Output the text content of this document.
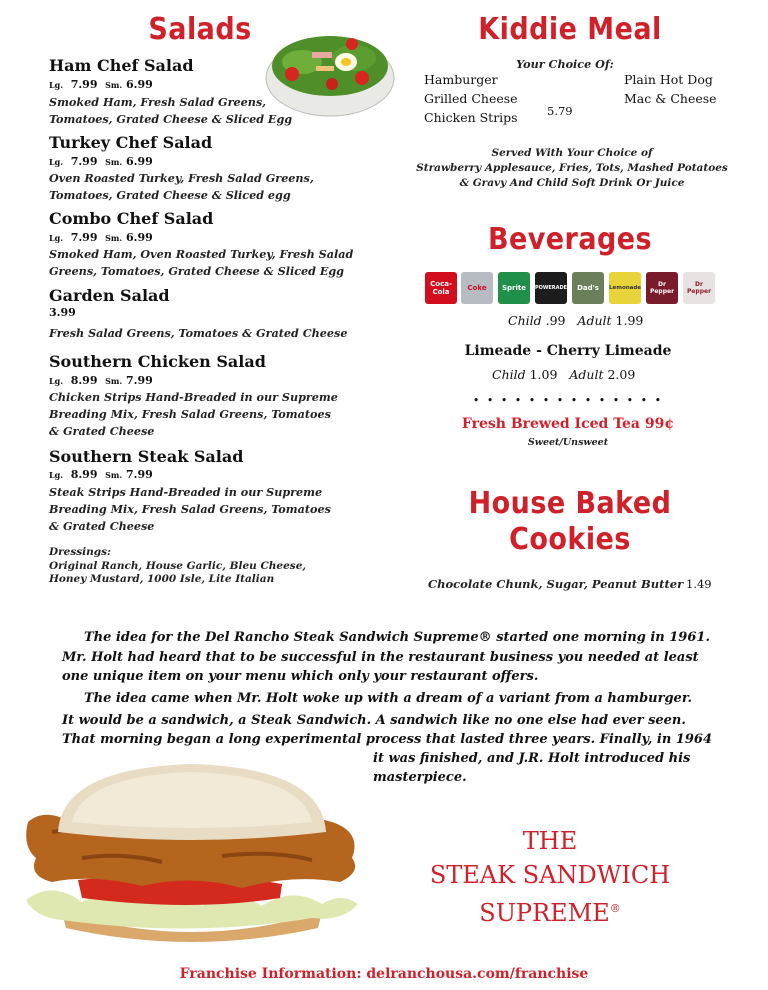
Salads
Ham Chef Salad
Lg. 7.99 Sm. 6.99
Smoked Ham, Fresh Salad Greens,
Tomatoes, Grated Cheese & Sliced Egg
Turkey Chef Salad
Lg. 7.99 Sm. 6.99
Oven Roasted Turkey, Fresh Salad Greens,
Tomatoes, Grated Cheese & Sliced egg
Combo Chef Salad
Lg. 7.99 Sm. 6.99
Smoked Ham, Oven Roasted Turkey, Fresh Salad
Greens, Tomatoes, Grated Cheese & Sliced Egg
Garden Salad
3.99
Fresh Salad Greens, Tomatoes & Grated Cheese
Southern Chicken Salad
Lg. 8.99 Sm. 7.99
Chicken Strips Hand-Breaded in our Supreme
Breading Mix, Fresh Salad Greens, Tomatoes
& Grated Cheese
Southern Steak Salad
Lg. 8.99 Sm. 7.99
Steak Strips Hand-Breaded in our Supreme
Breading Mix, Fresh Salad Greens, Tomatoes
& Grated Cheese
Dressings:
Original Ranch, House Garlic, Bleu Cheese,
Honey Mustard, 1000 Isle, Lite Italian
Kiddie Meal
Your Choice Of:
Hamburger
Grilled Cheese
Chicken Strips	5.79
Plain Hot Dog
Mac & Cheese
Served With Your Choice of
Strawberry Applesauce, Fries, Tots, Mashed Potatoes
& Gravy And Child Soft Drink Or Juice
Beverages
Coca-Cola	Coke	Sprite	POWERADE	Dad's	Lemonade	Dr Pepper
Dr Pepper
Child .99 Adult 1.99
Limeade - Cherry Limeade
Child 1.09 Adult 2.09
• • • • • • • • • • • • • •
Fresh Brewed Iced Tea 99¢
Sweet/Unsweet
House Baked
Cookies
Chocolate Chunk, Sugar, Peanut Butter 1.49
The idea for the Del Rancho Steak Sandwich Supreme® started one morning in 1961.
Mr. Holt had heard that to be successful in the restaurant business you needed at least
one unique item on your menu which only your restaurant offers.
The idea came when Mr. Holt woke up with a dream of a variant from a hamburger.
It would be a sandwich, a Steak Sandwich. A sandwich like no one else had ever seen.
That morning began a long experimental process that lasted three years. Finally, in 1964
it was finished, and J.R. Holt introduced his
masterpiece.
THE
STEAK SANDWICH
SUPREME®
Franchise Information: delranchousa.com/franchise
